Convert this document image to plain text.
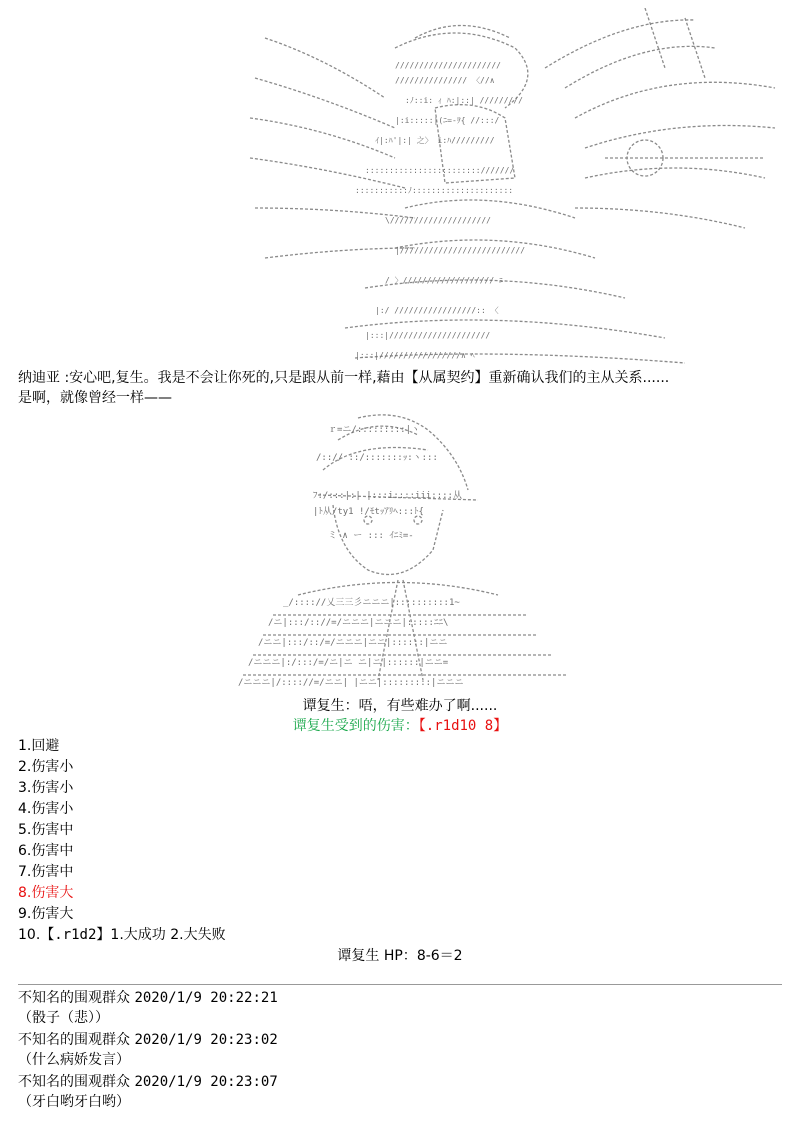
//////////////////////
/////////////// 〈//∧
:ﾉ::i: ｨ ﾊ:|::| /////////
|:i:::::|(ﾆ=‐ｦ{ //:::/
ｲ|:ﾊ'|:| 之〉 i:ﾊ/////////
::::::::::::::::::::::::///////
:::::::::::ﾉ:::::::::::::::::::::
\/////////////////////
|//////////////////////////
/ 〉/////////////////// ﾆ
|:/ /////////////////:: 〈
|:::|/////////////////////
|:::|/////////////////∧ ﾍ
纳迪亚 :安心吧,复生。我是不会让你死的,只是跟从前一样,藉由【从属契约】重新确认我们的主从关系......
是啊，就像曾经一样——
ｒ=ニ/:::::::::|ヽ
/::// ::/:::::::ｯ:ヽ:::
ﾌ:/:::|:| |:::i::::iii::::从
|ﾄ从/ty1 !/ﾓtｯｱﾘﾍ:::ﾄ{
ミ ∧ ー ::: ｲﾆﾐ=-
_/:::://乂三三彡ニニニ|::::::::::1~
/ニ|:::/:://=/ニニニ|ニニニ|:::::ﾆﾆ\
/ニニ|:::/::/=/ニニニ|ニニ|::::::|ニニ
/ニニニ|:/:::/=/ニ|ニ ニ|ニ|::::::|ニニ=
/ニニニ|/:::://=/ニニ| |ニニ|:::::::::|ニニニ
谭复生：唔，有些难办了啊......
谭复生受到的伤害：【.r1d10 8】
1.回避
2.伤害小
3.伤害小
4.伤害小
5.伤害中
6.伤害中
7.伤害中
8.伤害大
9.伤害大
10.【.r1d2】1.大成功 2.大失败
谭复生 HP：8-6＝2
不知名的围观群众 2020/1/9 20:22:21
（骰子（悲））
不知名的围观群众 2020/1/9 20:23:02
（什么病娇发言）
不知名的围观群众 2020/1/9 20:23:07
（牙白哟牙白哟）
